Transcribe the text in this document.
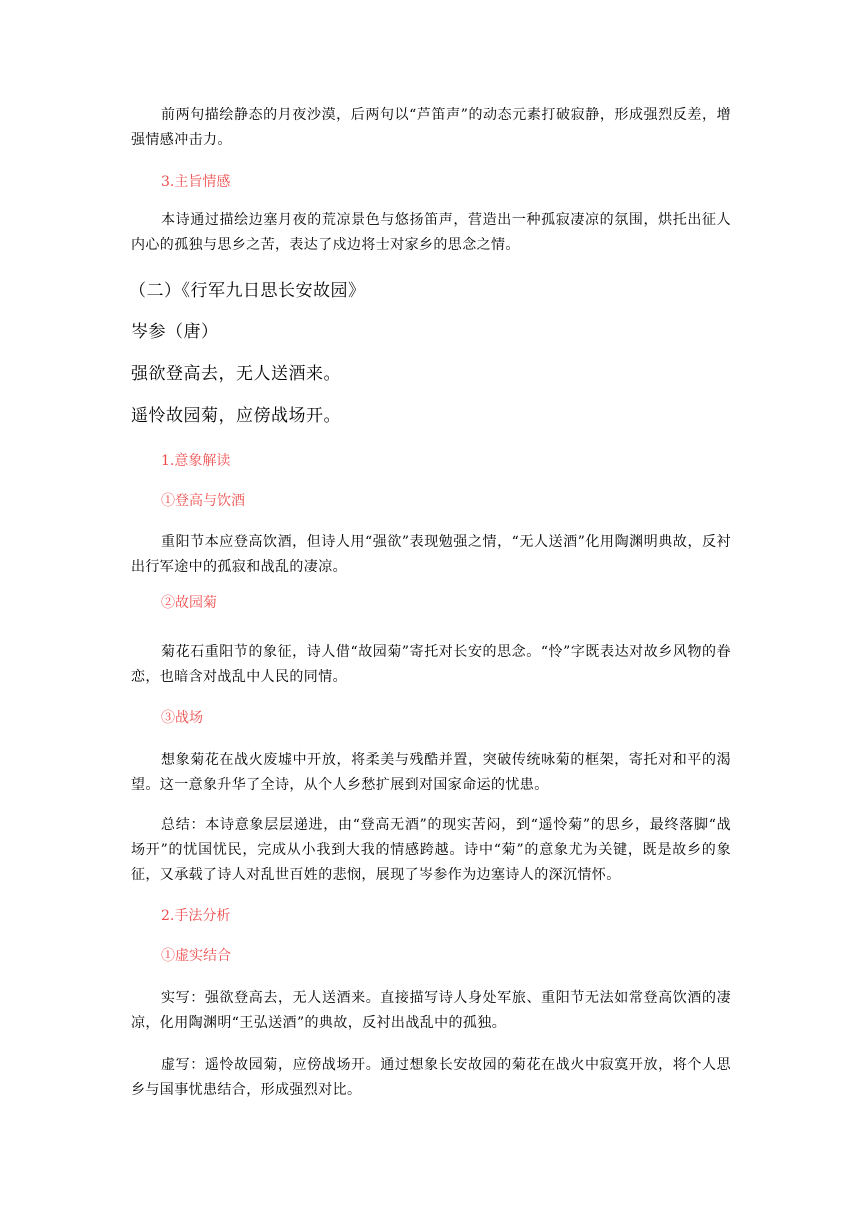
前两句描绘静态的月夜沙漠，后两句以“芦笛声”的动态元素打破寂静，形成强烈反差，增强情感冲击力。

3.主旨情感

本诗通过描绘边塞月夜的荒凉景色与悠扬笛声，营造出一种孤寂凄凉的氛围，烘托出征人内心的孤独与思乡之苦，表达了戍边将士对家乡的思念之情。

（二）《行军九日思长安故园》

岑参（唐）

强欲登高去，无人送酒来。

遥怜故园菊，应傍战场开。

1.意象解读

①登高与饮酒

重阳节本应登高饮酒，但诗人用“强欲”表现勉强之情，“无人送酒”化用陶渊明典故，反衬出行军途中的孤寂和战乱的凄凉。

②故园菊

菊花石重阳节的象征，诗人借“故园菊”寄托对长安的思念。“怜”字既表达对故乡风物的眷恋，也暗含对战乱中人民的同情。

③战场

想象菊花在战火废墟中开放，将柔美与残酷并置，突破传统咏菊的框架，寄托对和平的渴望。这一意象升华了全诗，从个人乡愁扩展到对国家命运的忧患。

总结：本诗意象层层递进，由“登高无酒”的现实苦闷，到“遥怜菊”的思乡，最终落脚“战场开”的忧国忧民，完成从小我到大我的情感跨越。诗中“菊”的意象尤为关键，既是故乡的象征，又承载了诗人对乱世百姓的悲悯，展现了岑参作为边塞诗人的深沉情怀。

2.手法分析

①虚实结合

实写：强欲登高去，无人送酒来。直接描写诗人身处军旅、重阳节无法如常登高饮酒的凄凉，化用陶渊明“王弘送酒”的典故，反衬出战乱中的孤独。

虚写：遥怜故园菊，应傍战场开。通过想象长安故园的菊花在战火中寂寞开放，将个人思乡与国事忧患结合，形成强烈对比。
